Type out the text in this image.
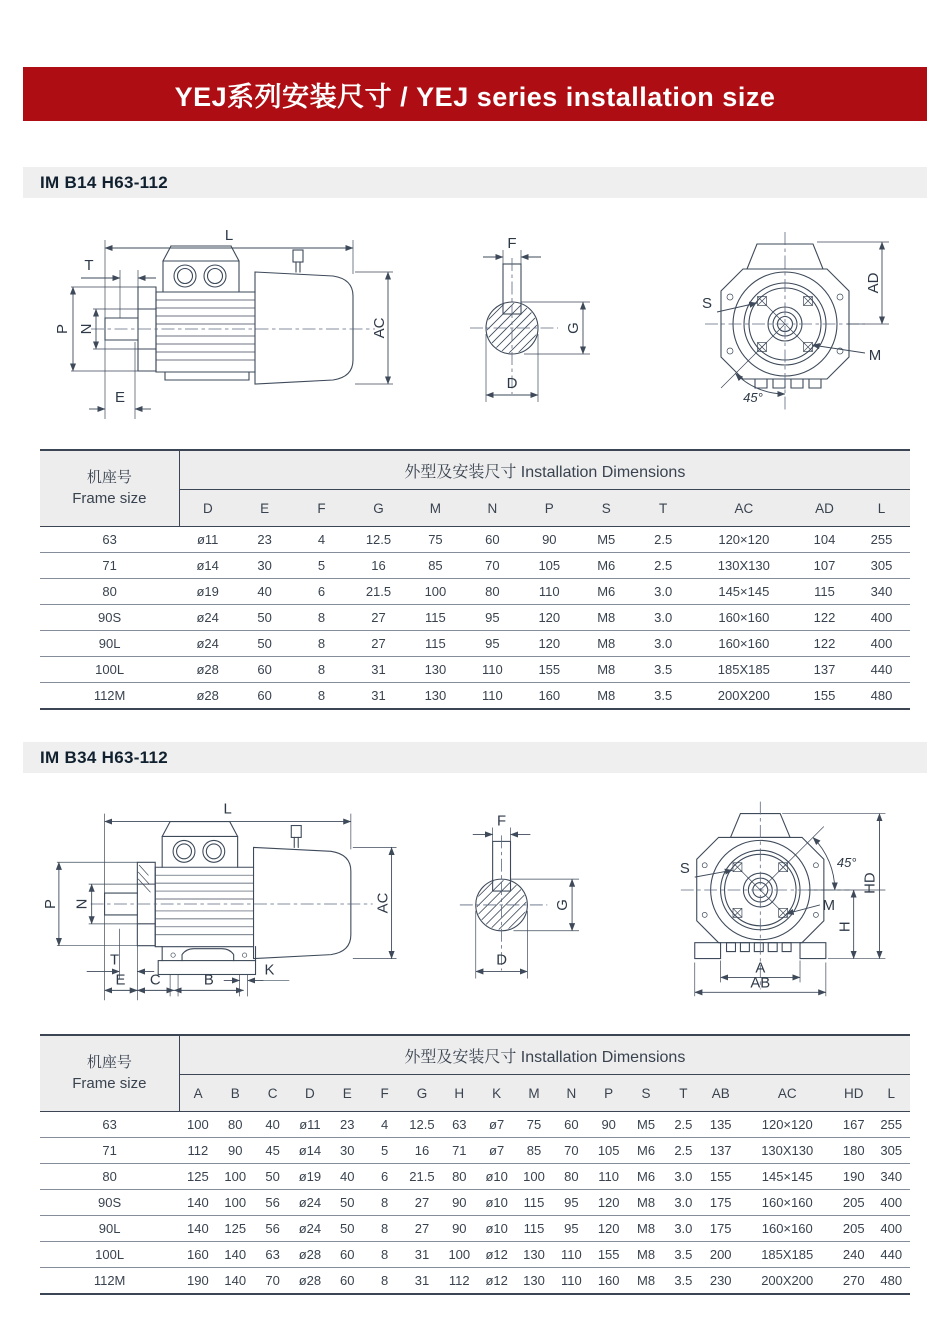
YEJ系列安装尺寸 / YEJ series installation size
IM B14 H63-112
L
T
P N
E
AC
F
G
D
S
M
AD
45°
机座号
Frame size	外型及安装尺寸 Installation Dimensions											
	D	E	F	G	M	N	P	S	T	AC	AD	L
63	ø11	23	4	12.5	75	60	90	M5	2.5	120×120	104	255
71	ø14	30	5	16	85	70	105	M6	2.5	130X130	107	305
80	ø19	40	6	21.5	100	80	110	M6	3.0	145×145	115	340
90S	ø24	50	8	27	115	95	120	M8	3.0	160×160	122	400
90L	ø24	50	8	27	115	95	120	M8	3.0	160×160	122	400
100L	ø28	60	8	31	130	110	155	M8	3.5	185X185	137	440
112M	ø28	60	8	31	130	110	160	M8	3.5	200X200	155	480
IM B34 H63-112
L
P N	AC
T
E C	B
K
F
G
D
S
M
45°
H
HD
A
AB
机座号
Frame size	外型及安装尺寸 Installation Dimensions																	
	A	B	C	D	E	F	G	H	K	M	N	P	S	T	AB	AC	HD	L
63	100	80	40	ø11	23	4	12.5	63	ø7	75	60	90	M5	2.5	135	120×120	167	255
71	112	90	45	ø14	30	5	16	71	ø7	85	70	105	M6	2.5	137	130X130	180	305
80	125	100	50	ø19	40	6	21.5	80	ø10	100	80	110	M6	3.0	155	145×145	190	340
90S	140	100	56	ø24	50	8	27	90	ø10	115	95	120	M8	3.0	175	160×160	205	400
90L	140	125	56	ø24	50	8	27	90	ø10	115	95	120	M8	3.0	175	160×160	205	400
100L	160	140	63	ø28	60	8	31	100	ø12	130	110	155	M8	3.5	200	185X185	240	440
112M	190	140	70	ø28	60	8	31	112	ø12	130	110	160	M8	3.5	230	200X200	270	480
